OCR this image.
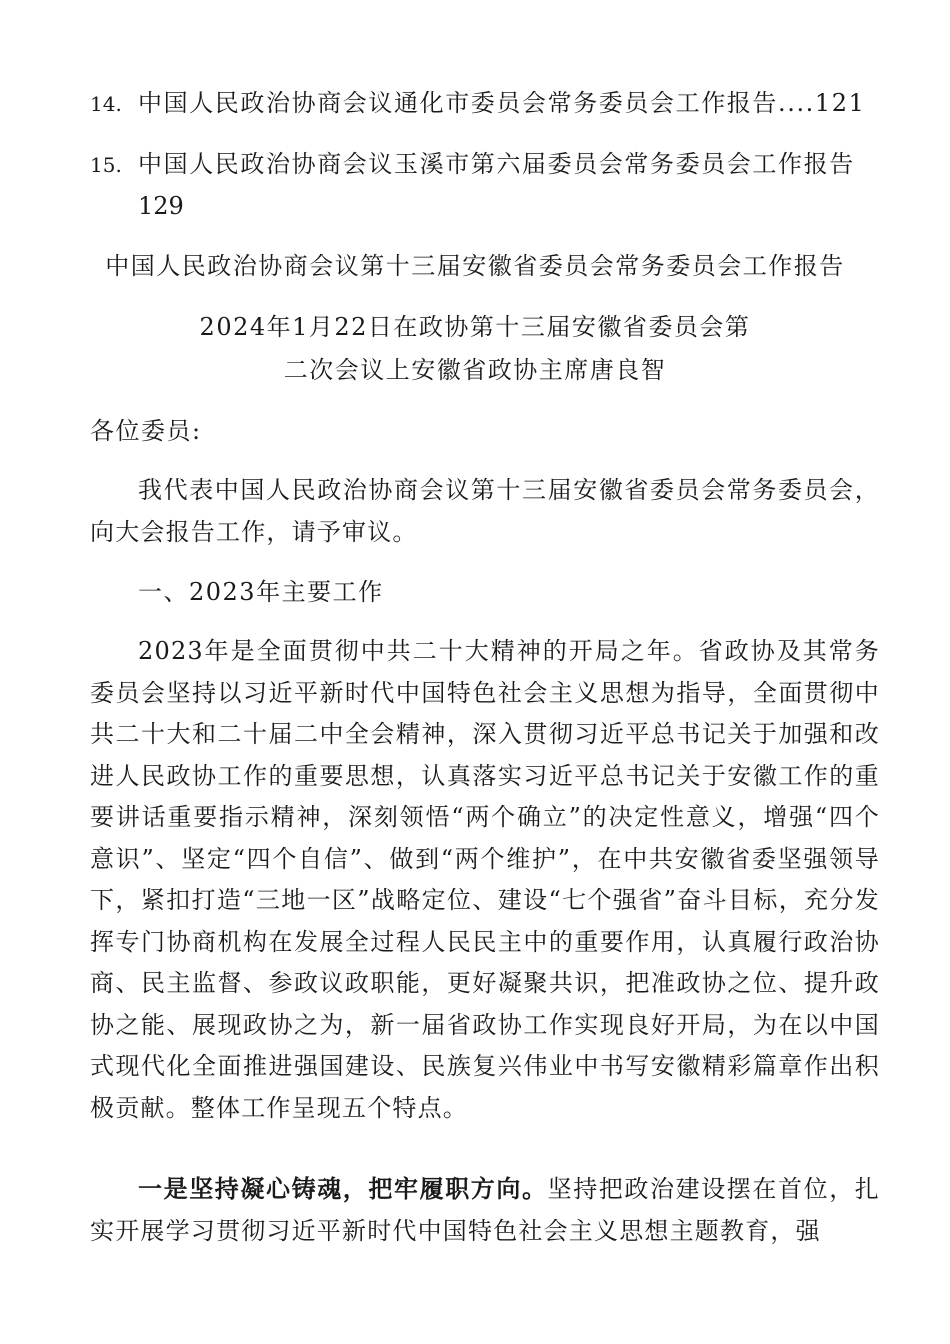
14. 中国人民政治协商会议通化市委员会常务委员会工作报告....121
15. 中国人民政治协商会议玉溪市第六届委员会常务委员会工作报告
129
中国人民政治协商会议第十三届安徽省委员会常务委员会工作报告
2024年1月22日在政协第十三届安徽省委员会第
二次会议上安徽省政协主席唐良智
各位委员:
我代表中国人民政治协商会议第十三届安徽省委员会常务委员会，向大会报告工作，请予审议。
一、2023年主要工作
2023年是全面贯彻中共二十大精神的开局之年。省政协及其常务委员会坚持以习近平新时代中国特色社会主义思想为指导，全面贯彻中共二十大和二十届二中全会精神，深入贯彻习近平总书记关于加强和改进人民政协工作的重要思想，认真落实习近平总书记关于安徽工作的重要讲话重要指示精神，深刻领悟“两个确立”的决定性意义，增强“四个意识”、坚定“四个自信”、做到“两个维护”，在中共安徽省委坚强领导下，紧扣打造“三地一区”战略定位、建设“七个强省”奋斗目标，充分发挥专门协商机构在发展全过程人民民主中的重要作用，认真履行政治协商、民主监督、参政议政职能，更好凝聚共识，把准政协之位、提升政协之能、展现政协之为，新一届省政协工作实现良好开局，为在以中国式现代化全面推进强国建设、民族复兴伟业中书写安徽精彩篇章作出积极贡献。整体工作呈现五个特点。
一是坚持凝心铸魂，把牢履职方向。坚持把政治建设摆在首位，扎实开展学习贯彻习近平新时代中国特色社会主义思想主题教育，强
